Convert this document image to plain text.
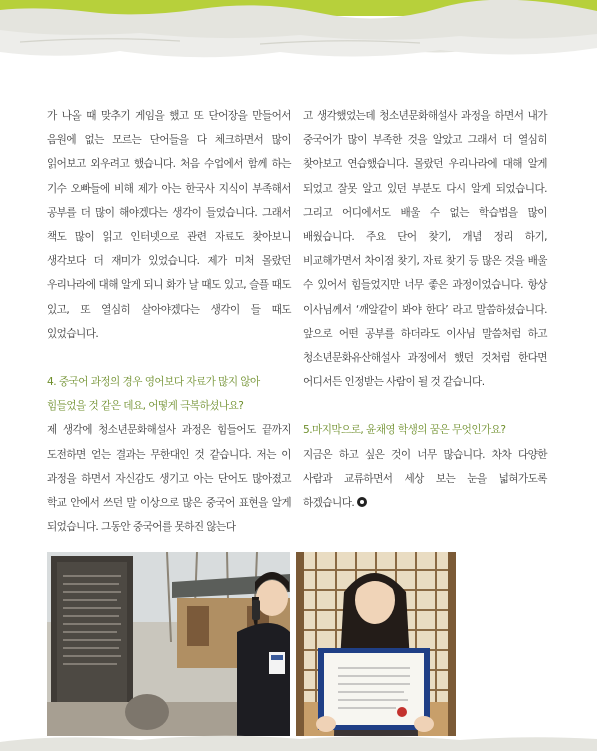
가 나올 때 맞추기 게임을 했고 또 단어장을 만들어서 음원에 없는 모르는 단어들을 다 체크하면서 많이 읽어보고 외우려고 했습니다. 처음 수업에서 함께 하는 기수 오빠들에 비해 제가 아는 한국사 지식이 부족해서 공부를 더 많이 해야겠다는 생각이 들었습니다. 그래서 책도 많이 읽고 인터넷으로 관련 자료도 찾아보니 생각보다 더 재미가 있었습니다. 제가 미처 몰랐던 우리나라에 대해 알게 되니 화가 날 때도 있고, 슬플 때도 있고, 또 열심히 살아야겠다는 생각이 들 때도 있었습니다.

4. 중국어 과정의 경우 영어보다 자료가 많지 않아 힘들었을 것 같은 데요, 어떻게 극복하셨나요?

제 생각에 청소년문화해설사 과정은 힘들어도 끝까지 도전하면 얻는 결과는 무한대인 것 같습니다. 저는 이 과정을 하면서 자신감도 생기고 아는 단어도 많아졌고 학교 안에서 쓰던 말 이상으로 많은 중국어 표현을 알게 되었습니다. 그동안 중국어를 못하진 않는다

고 생각했었는데 청소년문화해설사 과정을 하면서 내가 중국어가 많이 부족한 것을 알았고 그래서 더 열심히 찾아보고 연습했습니다. 몰랐던 우리나라에 대해 알게 되었고 잘못 알고 있던 부분도 다시 알게 되었습니다. 그리고 어디에서도 배울 수 없는 학습법을 많이 배웠습니다. 주요 단어 찾기, 개념 정리 하기, 비교해가면서 차이점 찾기, 자료 찾기 등 많은 것을 배울 수 있어서 힘들었지만 너무 좋은 과정이었습니다. 항상 이사님께서 ‘깨알같이 봐야 한다’ 라고 말씀하셨습니다. 앞으로 어떤 공부를 하더라도 이사님 말씀처럼 하고 청소년문화유산해설사 과정에서 했던 것처럼 한다면 어디서든 인정받는 사람이 될 것 같습니다.

5.마지막으로, 윤채영 학생의 꿈은 무엇인가요?

지금은 하고 싶은 것이 너무 많습니다. 차차 다양한 사람과 교류하면서 세상 보는 눈을 넓혀가도록 하겠습니다.
